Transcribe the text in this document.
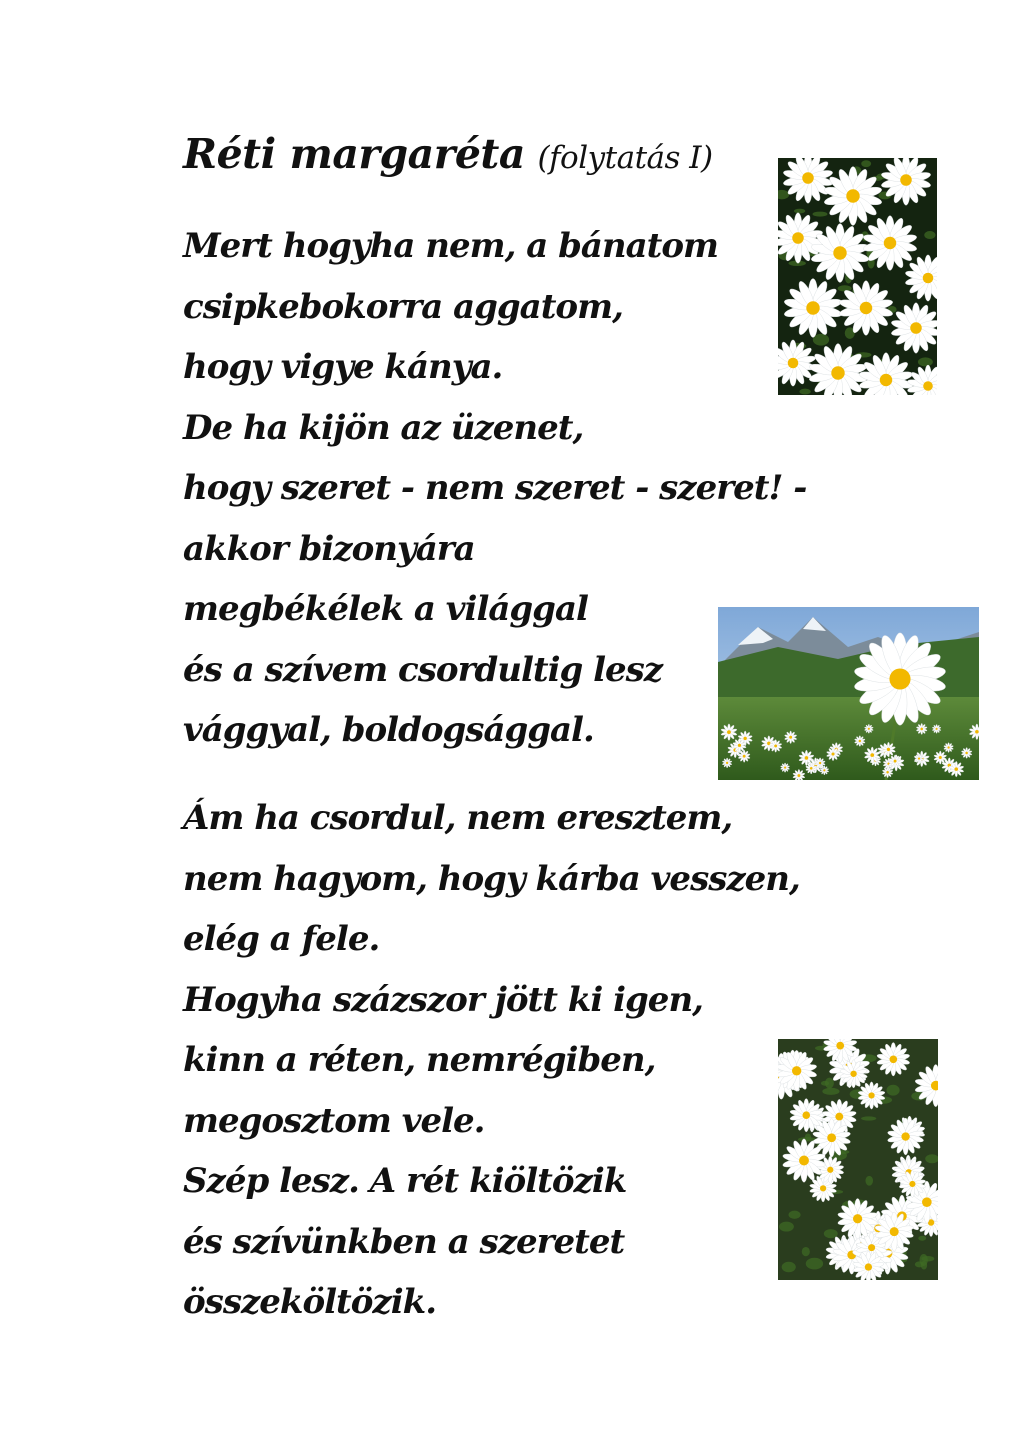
Réti margaréta (folytatás I)
Mert hogyha nem, a bánatom
csipkebokorra aggatom,
hogy vigye kánya.
De ha kijön az üzenet,
hogy szeret - nem szeret - szeret! -
akkor bizonyára
megbékélek a világgal
és a szívem csordultig lesz
vággyal, boldogsággal.
Ám ha csordul, nem eresztem,
nem hagyom, hogy kárba vesszen,
elég a fele.
Hogyha százszor jött ki igen,
kinn a réten, nemrégiben,
megosztom vele.
Szép lesz. A rét kiöltözik
és szívünkben a szeretet
összeköltözik.
